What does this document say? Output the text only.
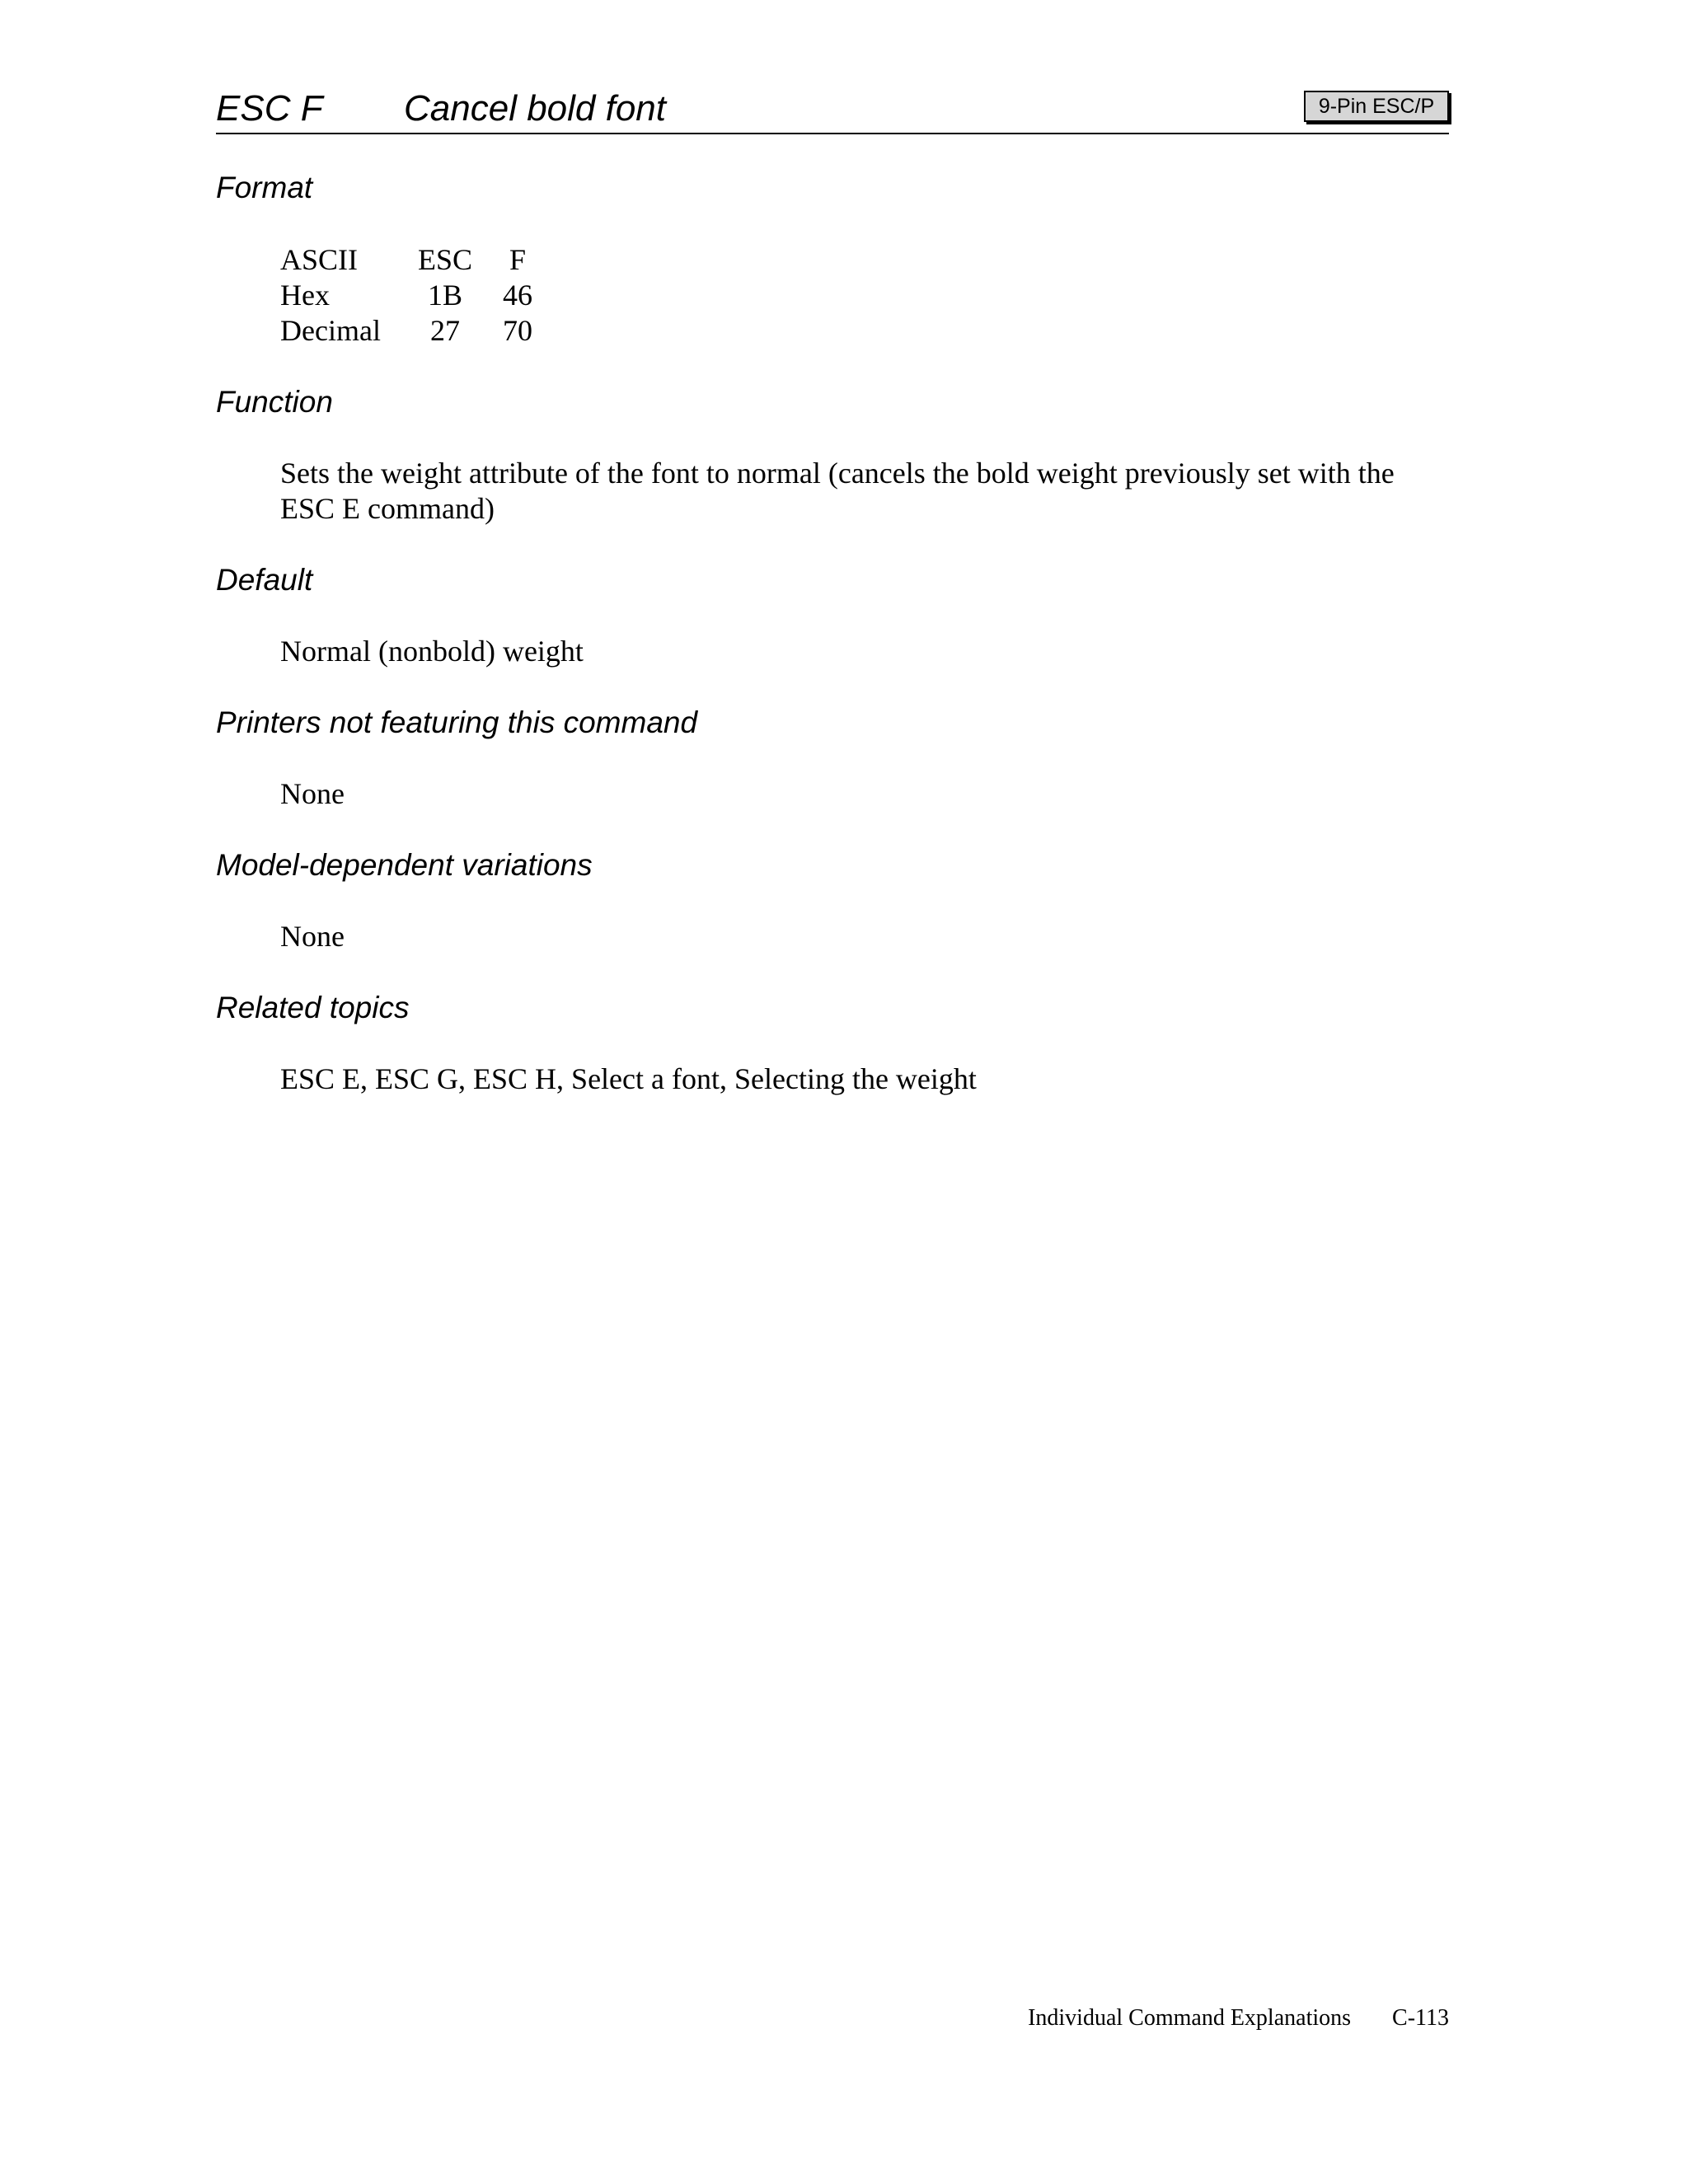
ESC F Cancel bold font	9-Pin ESC/P
Format
ASCII	ESC		F
Hex	1B		46
Decimal	27		70
Function
Sets the weight attribute of the font to normal (cancels the bold weight previously set with the ESC E command)
Default
Normal (nonbold) weight
Printers not featuring this command
None
Model-dependent variations
None
Related topics
ESC E, ESC G, ESC H, Select a font, Selecting the weight
Individual Command Explanations C-113
